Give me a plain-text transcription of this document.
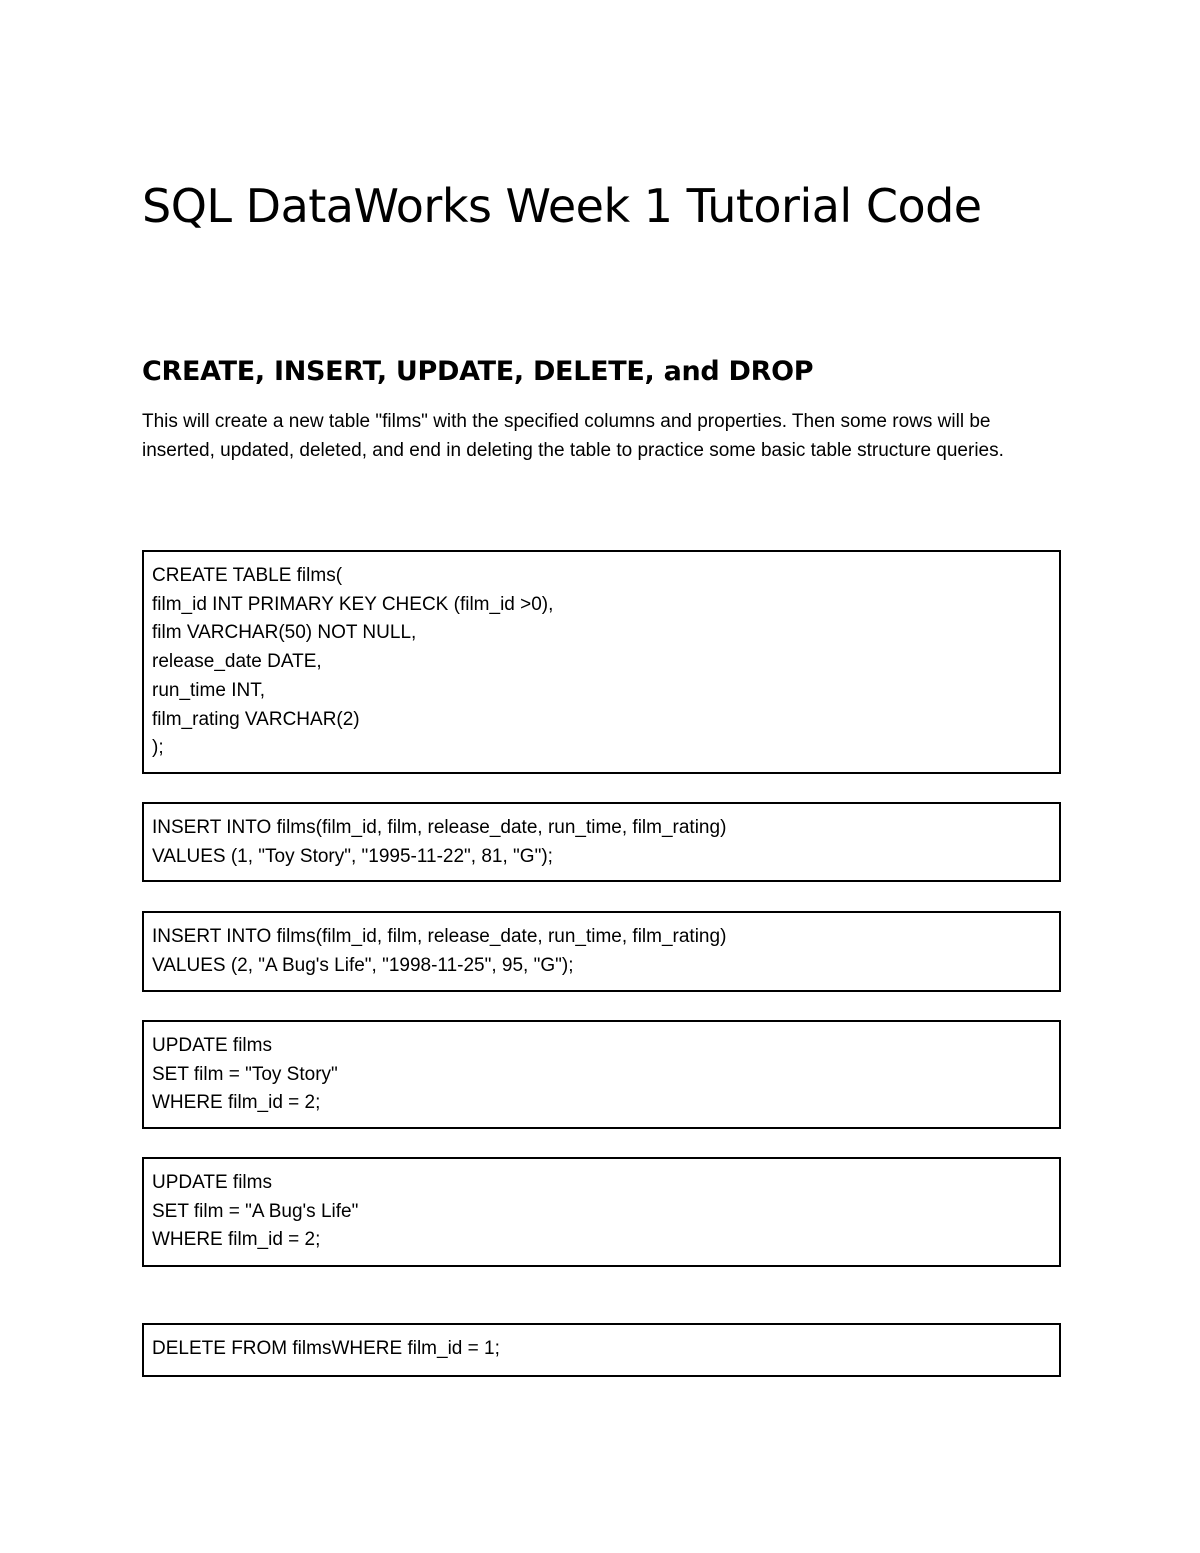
SQL DataWorks Week 1 Tutorial Code
CREATE, INSERT, UPDATE, DELETE, and DROP

This will create a new table "films" with the specified columns and properties. Then some rows will be inserted, updated, deleted, and end in deleting the table to practice some basic table structure queries.

CREATE TABLE films(
film_id INT PRIMARY KEY CHECK (film_id >0),
film VARCHAR(50) NOT NULL,
release_date DATE,
run_time INT,
film_rating VARCHAR(2)
);
INSERT INTO films(film_id, film, release_date, run_time, film_rating)
VALUES (1, "Toy Story", "1995-11-22", 81, "G");
INSERT INTO films(film_id, film, release_date, run_time, film_rating)
VALUES (2, "A Bug's Life", "1998-11-25", 95, "G");
UPDATE films
SET film = "Toy Story"
WHERE film_id = 2;
UPDATE films
SET film = "A Bug's Life"
WHERE film_id = 2;
DELETE FROM filmsWHERE film_id = 1;
